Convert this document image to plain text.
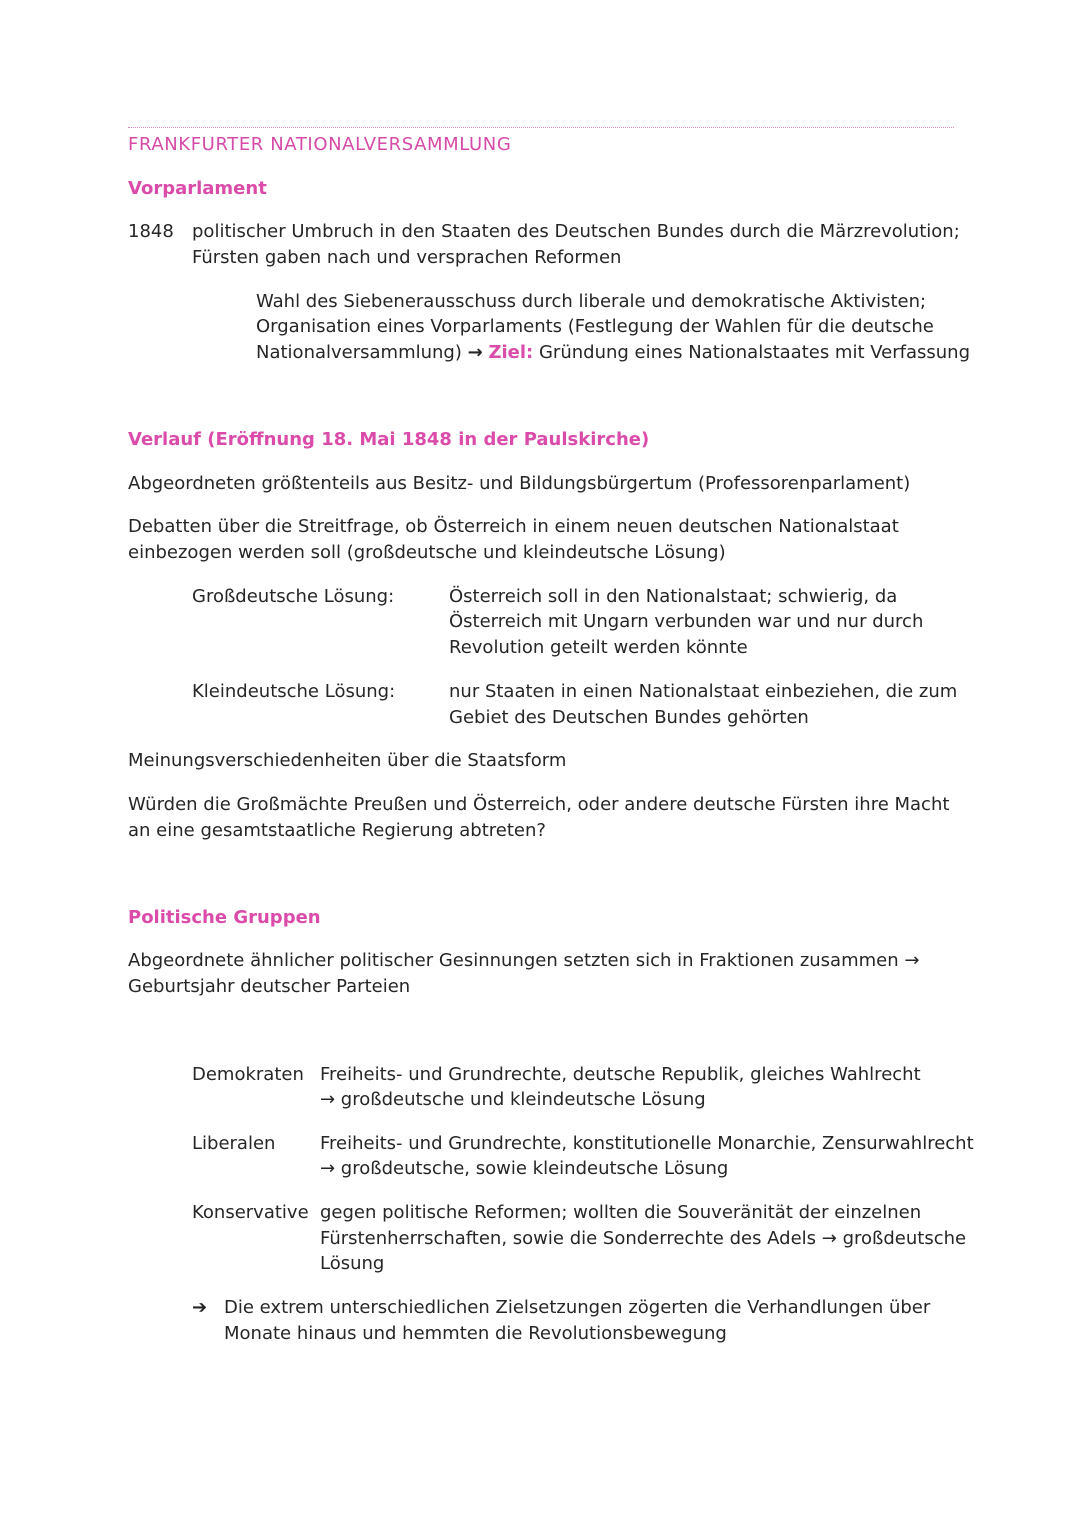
FRANKFURTER NATIONALVERSAMMLUNG

Vorparlament

1848 politischer Umbruch in den Staaten des Deutschen Bundes durch die Märzrevolution;

Fürsten gaben nach und versprachen Reformen

Wahl des Siebenerausschuss durch liberale und demokratische Aktivisten;

Organisation eines Vorparlaments (Festlegung der Wahlen für die deutsche

Nationalversammlung) → Ziel: Gründung eines Nationalstaates mit Verfassung

Verlauf (Eröffnung 18. Mai 1848 in der Paulskirche)

Abgeordneten größtenteils aus Besitz- und Bildungsbürgertum (Professorenparlament)

Debatten über die Streitfrage, ob Österreich in einem neuen deutschen Nationalstaat

einbezogen werden soll (großdeutsche und kleindeutsche Lösung)

Großdeutsche Lösung:	Österreich soll in den Nationalstaat; schwierig, da

Österreich mit Ungarn verbunden war und nur durch

Revolution geteilt werden könnte

Kleindeutsche Lösung:	nur Staaten in einen Nationalstaat einbeziehen, die zum

Gebiet des Deutschen Bundes gehörten

Meinungsverschiedenheiten über die Staatsform

Würden die Großmächte Preußen und Österreich, oder andere deutsche Fürsten ihre Macht

an eine gesamtstaatliche Regierung abtreten?

Politische Gruppen

Abgeordnete ähnlicher politischer Gesinnungen setzten sich in Fraktionen zusammen →

Geburtsjahr deutscher Parteien

Demokraten Freiheits- und Grundrechte, deutsche Republik, gleiches Wahlrecht

→ großdeutsche und kleindeutsche Lösung

Liberalen Freiheits- und Grundrechte, konstitutionelle Monarchie, Zensurwahlrecht

→ großdeutsche, sowie kleindeutsche Lösung

Konservative gegen politische Reformen; wollten die Souveränität der einzelnen

Fürstenherrschaften, sowie die Sonderrechte des Adels → großdeutsche

Lösung

➔ Die extrem unterschiedlichen Zielsetzungen zögerten die Verhandlungen über

Monate hinaus und hemmten die Revolutionsbewegung
